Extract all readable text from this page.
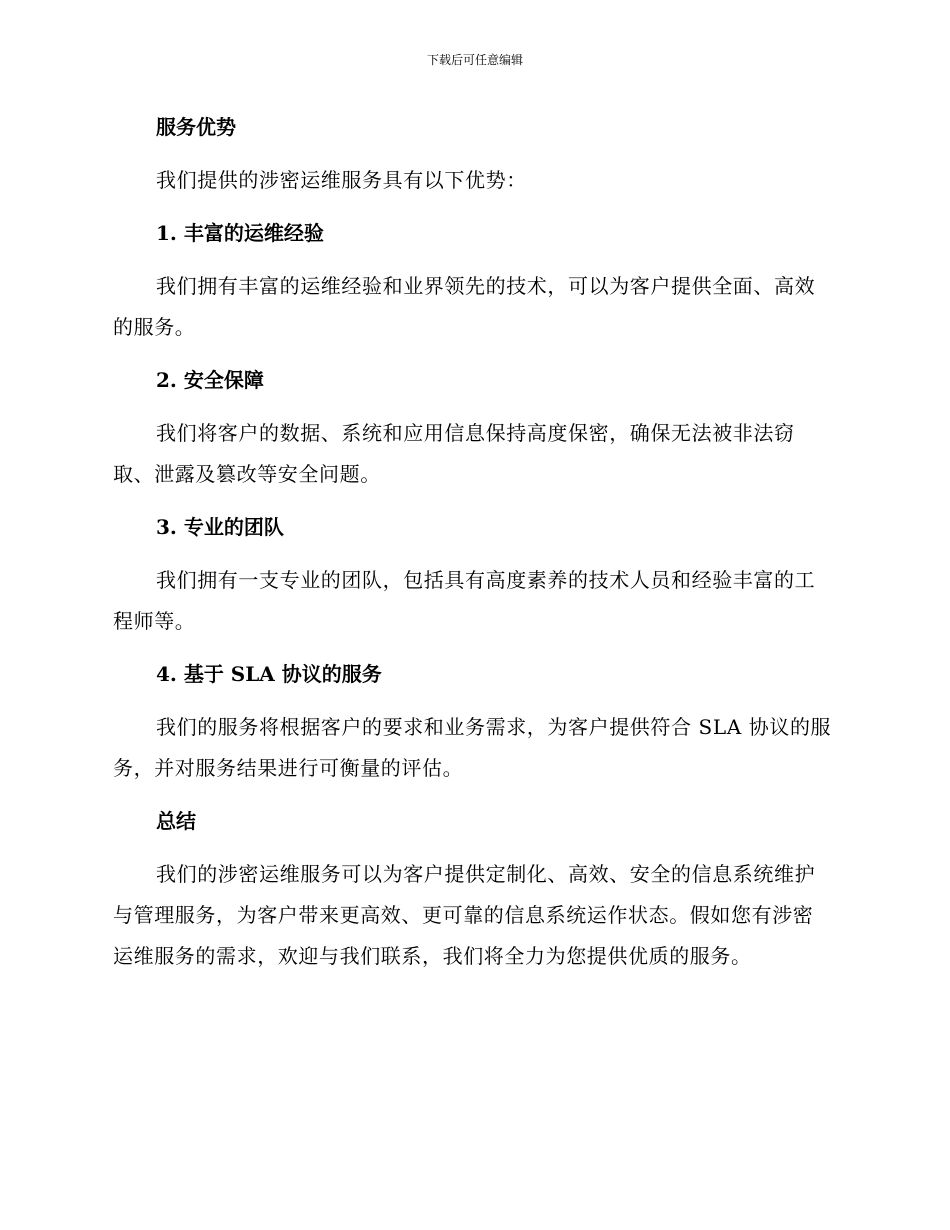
下载后可任意编辑
服务优势

我们提供的涉密运维服务具有以下优势：

1. 丰富的运维经验

我们拥有丰富的运维经验和业界领先的技术，可以为客户提供全面、高效的服务。

2. 安全保障

我们将客户的数据、系统和应用信息保持高度保密，确保无法被非法窃取、泄露及篡改等安全问题。

3. 专业的团队

我们拥有一支专业的团队，包括具有高度素养的技术人员和经验丰富的工程师等。

4. 基于 SLA 协议的服务

我们的服务将根据客户的要求和业务需求，为客户提供符合 SLA 协议的服务，并对服务结果进行可衡量的评估。

总结

我们的涉密运维服务可以为客户提供定制化、高效、安全的信息系统维护与管理服务，为客户带来更高效、更可靠的信息系统运作状态。假如您有涉密运维服务的需求，欢迎与我们联系，我们将全力为您提供优质的服务。
